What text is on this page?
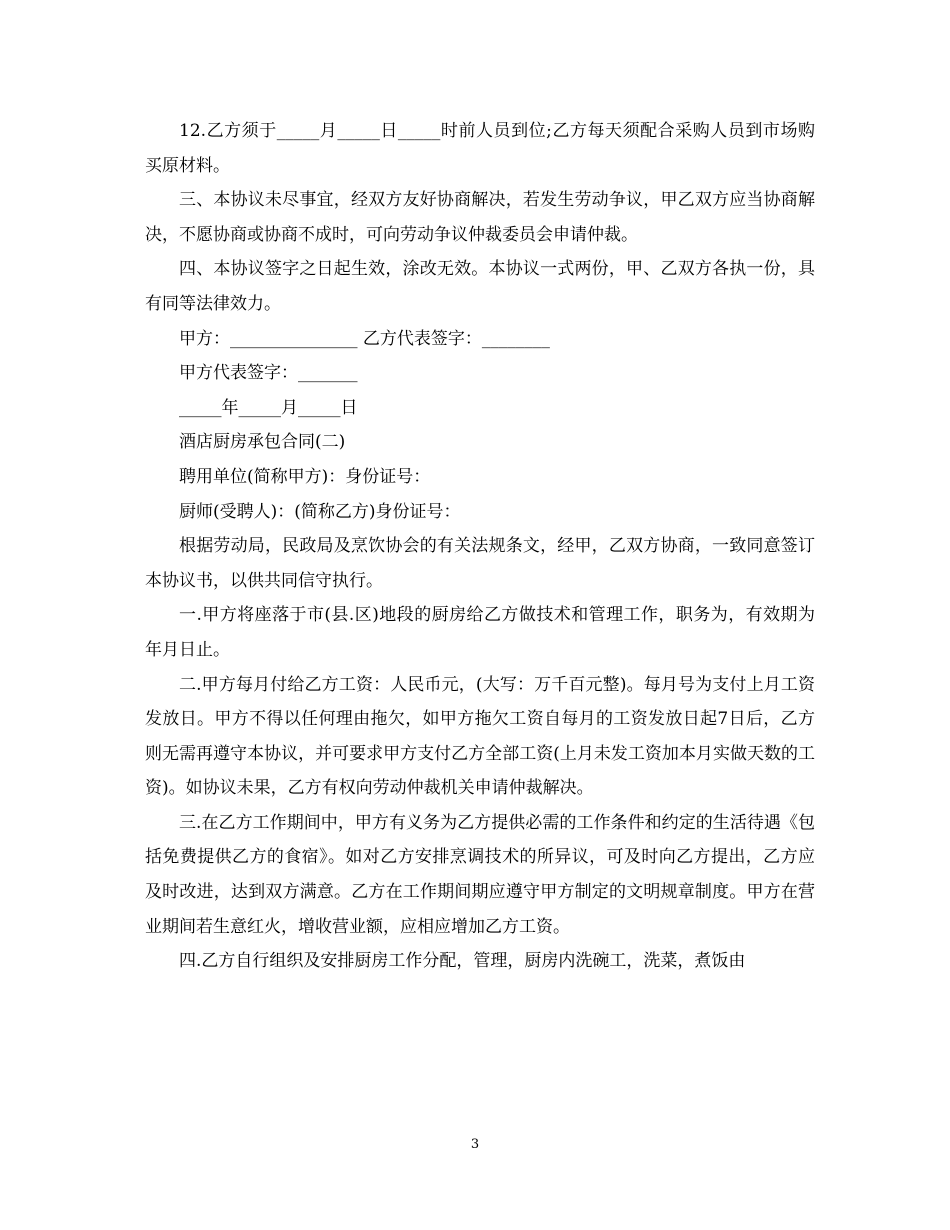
12.乙方须于_____月_____日_____时前人员到位;乙方每天须配合采购人员到市场购买原材料。

三、本协议未尽事宜，经双方友好协商解决，若发生劳动争议，甲乙双方应当协商解决，不愿协商或协商不成时，可向劳动争议仲裁委员会申请仲裁。

四、本协议签字之日起生效，涂改无效。本协议一式两份，甲、乙双方各执一份，具有同等法律效力。

甲方：_______________ 乙方代表签字：________

甲方代表签字：_______

_____年_____月_____日

酒店厨房承包合同(二)

聘用单位(简称甲方)：身份证号：

厨师(受聘人)：(简称乙方)身份证号：

根据劳动局，民政局及烹饮协会的有关法规条文，经甲，乙双方协商，一致同意签订本协议书，以供共同信守执行。

一.甲方将座落于市(县.区)地段的厨房给乙方做技术和管理工作，职务为，有效期为年月日止。

二.甲方每月付给乙方工资：人民币元，(大写：万千百元整)。每月号为支付上月工资发放日。甲方不得以任何理由拖欠，如甲方拖欠工资自每月的工资发放日起7日后，乙方则无需再遵守本协议，并可要求甲方支付乙方全部工资(上月未发工资加本月实做天数的工资)。如协议未果，乙方有权向劳动仲裁机关申请仲裁解决。

三.在乙方工作期间中，甲方有义务为乙方提供必需的工作条件和约定的生活待遇《包括免费提供乙方的食宿》。如对乙方安排烹调技术的所异议，可及时向乙方提出，乙方应及时改进，达到双方满意。乙方在工作期间期应遵守甲方制定的文明规章制度。甲方在营业期间若生意红火，增收营业额，应相应增加乙方工资。

四.乙方自行组织及安排厨房工作分配，管理，厨房内洗碗工，洗菜，煮饭由

3
